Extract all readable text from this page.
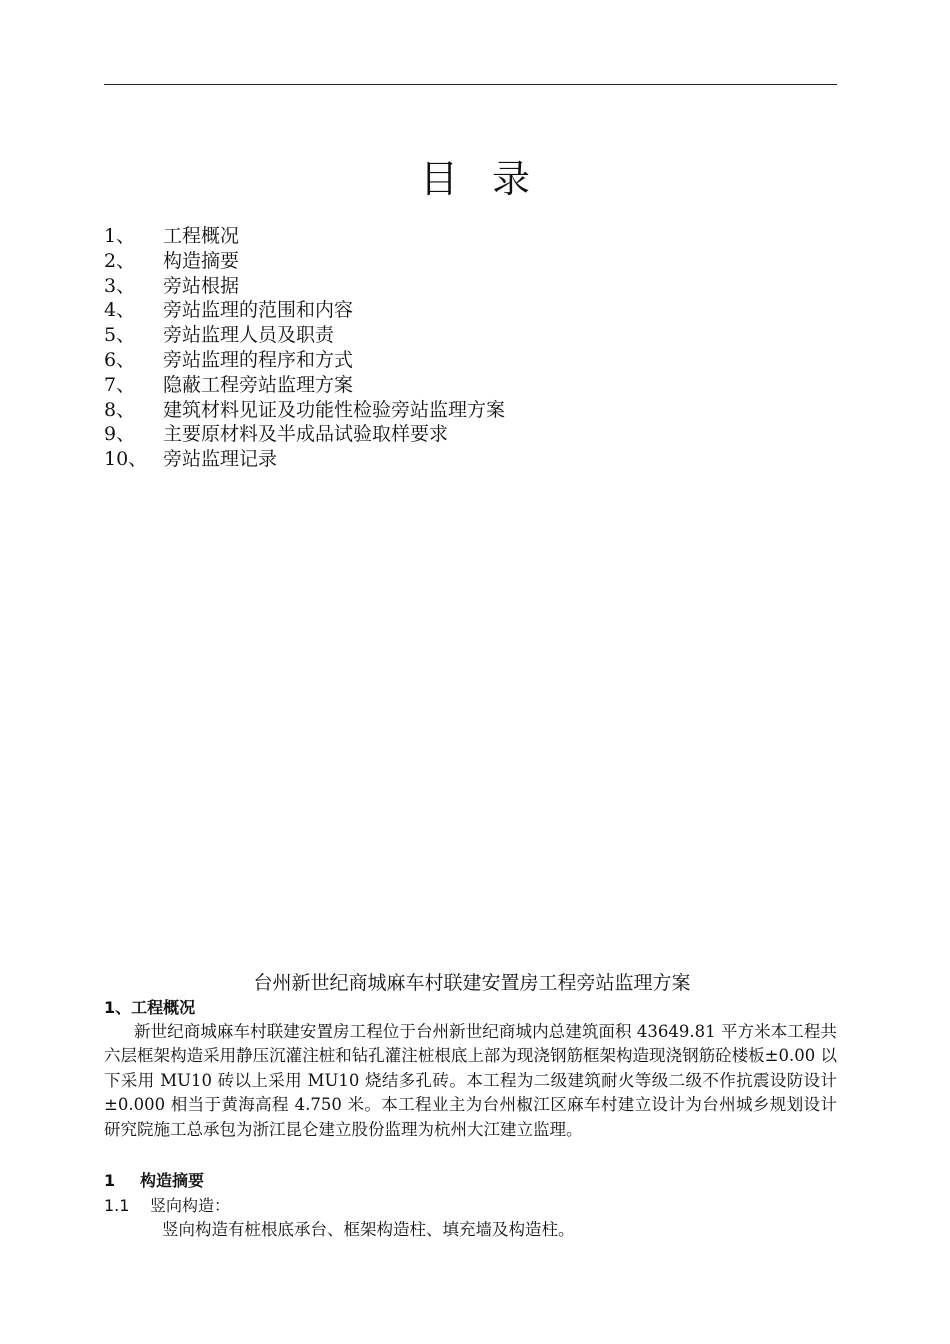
目录
1、	工程概况
2、	构造摘要
3、	旁站根据
4、	旁站监理的范围和内容
5、	旁站监理人员及职责
6、	旁站监理的程序和方式
7、	隐蔽工程旁站监理方案
8、	建筑材料见证及功能性检验旁站监理方案
9、	主要原材料及半成品试验取样要求
10、 旁站监理记录
台州新世纪商城麻车村联建安置房工程旁站监理方案
1、工程概况

新世纪商城麻车村联建安置房工程位于台州新世纪商城内总建筑面积 43649.81 平方米本工程共六层框架构造采用静压沉灌注桩和钻孔灌注桩根底上部为现浇钢筋框架构造现浇钢筋砼楼板±0.00 以下采用 MU10 砖以上采用 MU10 烧结多孔砖。本工程为二级建筑耐火等级二级不作抗震设防设计±0.000 相当于黄海高程 4.750 米。本工程业主为台州椒江区麻车村建立设计为台州城乡规划设计研究院施工总承包为浙江昆仑建立股份监理为杭州大江建立监理。

1	构造摘要
1.1	竖向构造：
竖向构造有桩根底承台、框架构造柱、填充墙及构造柱。
